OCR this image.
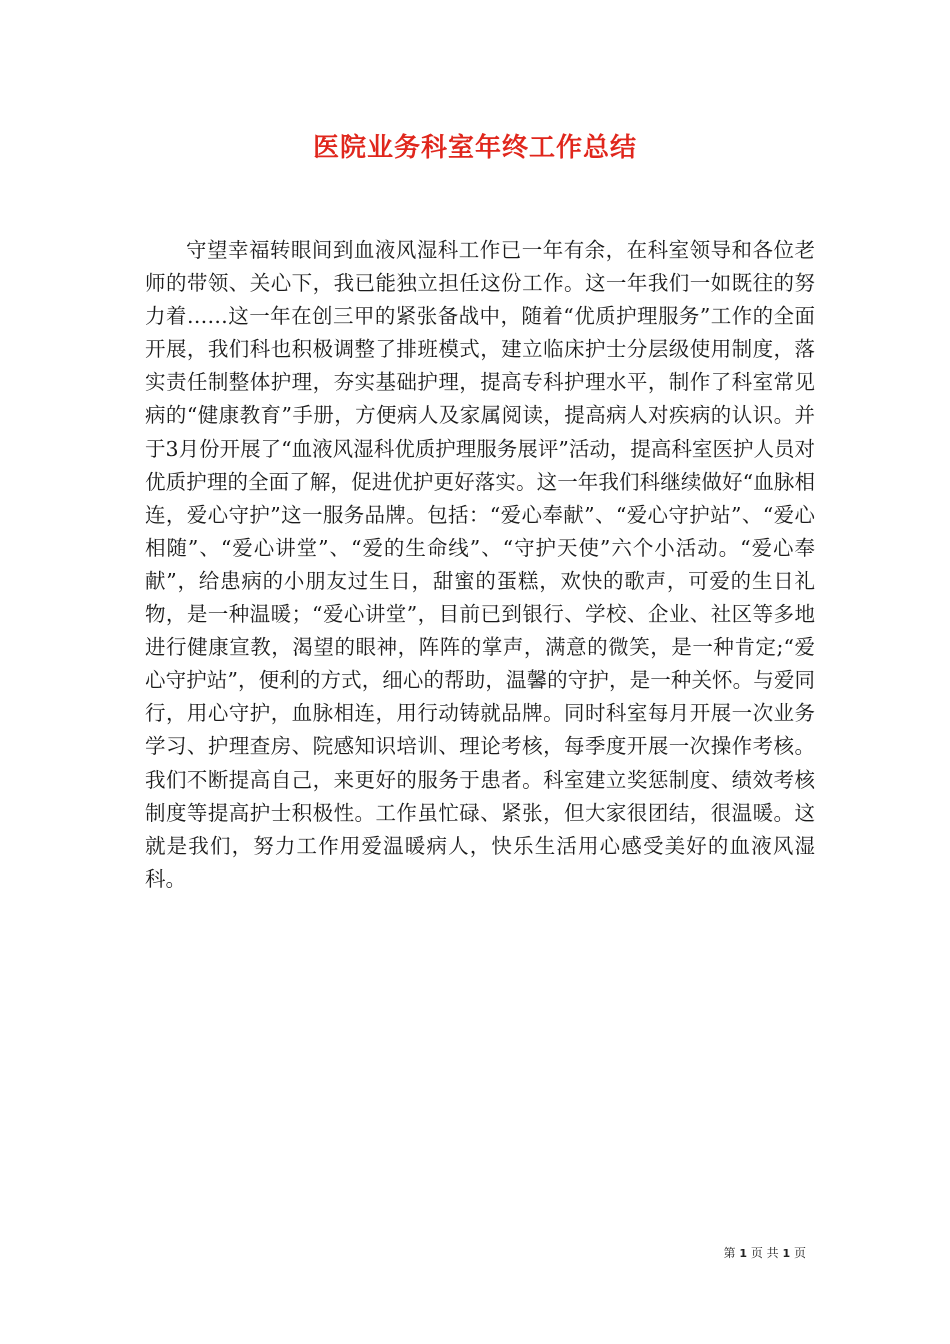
医院业务科室年终工作总结

守望幸福转眼间到血液风湿科工作已一年有余，在科室领导和各位老师的带领、关心下，我已能独立担任这份工作。这一年我们一如既往的努力着……这一年在创三甲的紧张备战中，随着“优质护理服务”工作的全面开展，我们科也积极调整了排班模式，建立临床护士分层级使用制度，落实责任制整体护理，夯实基础护理，提高专科护理水平，制作了科室常见病的“健康教育”手册，方便病人及家属阅读，提高病人对疾病的认识。并于3月份开展了“血液风湿科优质护理服务展评”活动，提高科室医护人员对优质护理的全面了解，促进优护更好落实。这一年我们科继续做好“血脉相连，爱心守护”这一服务品牌。包括：“爱心奉献”、“爱心守护站”、“爱心相随”、“爱心讲堂”、“爱的生命线”、“守护天使”六个小活动。“爱心奉献”，给患病的小朋友过生日，甜蜜的蛋糕，欢快的歌声，可爱的生日礼物，是一种温暖；“爱心讲堂”，目前已到银行、学校、企业、社区等多地进行健康宣教，渴望的眼神，阵阵的掌声，满意的微笑，是一种肯定;“爱心守护站”，便利的方式，细心的帮助，温馨的守护，是一种关怀。与爱同行，用心守护，血脉相连，用行动铸就品牌。同时科室每月开展一次业务学习、护理查房、院感知识培训、理论考核，每季度开展一次操作考核。我们不断提高自己，来更好的服务于患者。科室建立奖惩制度、绩效考核制度等提高护士积极性。工作虽忙碌、紧张，但大家很团结，很温暖。这就是我们，努力工作用爱温暖病人，快乐生活用心感受美好的血液风湿科。

第 1 页 共 1 页
